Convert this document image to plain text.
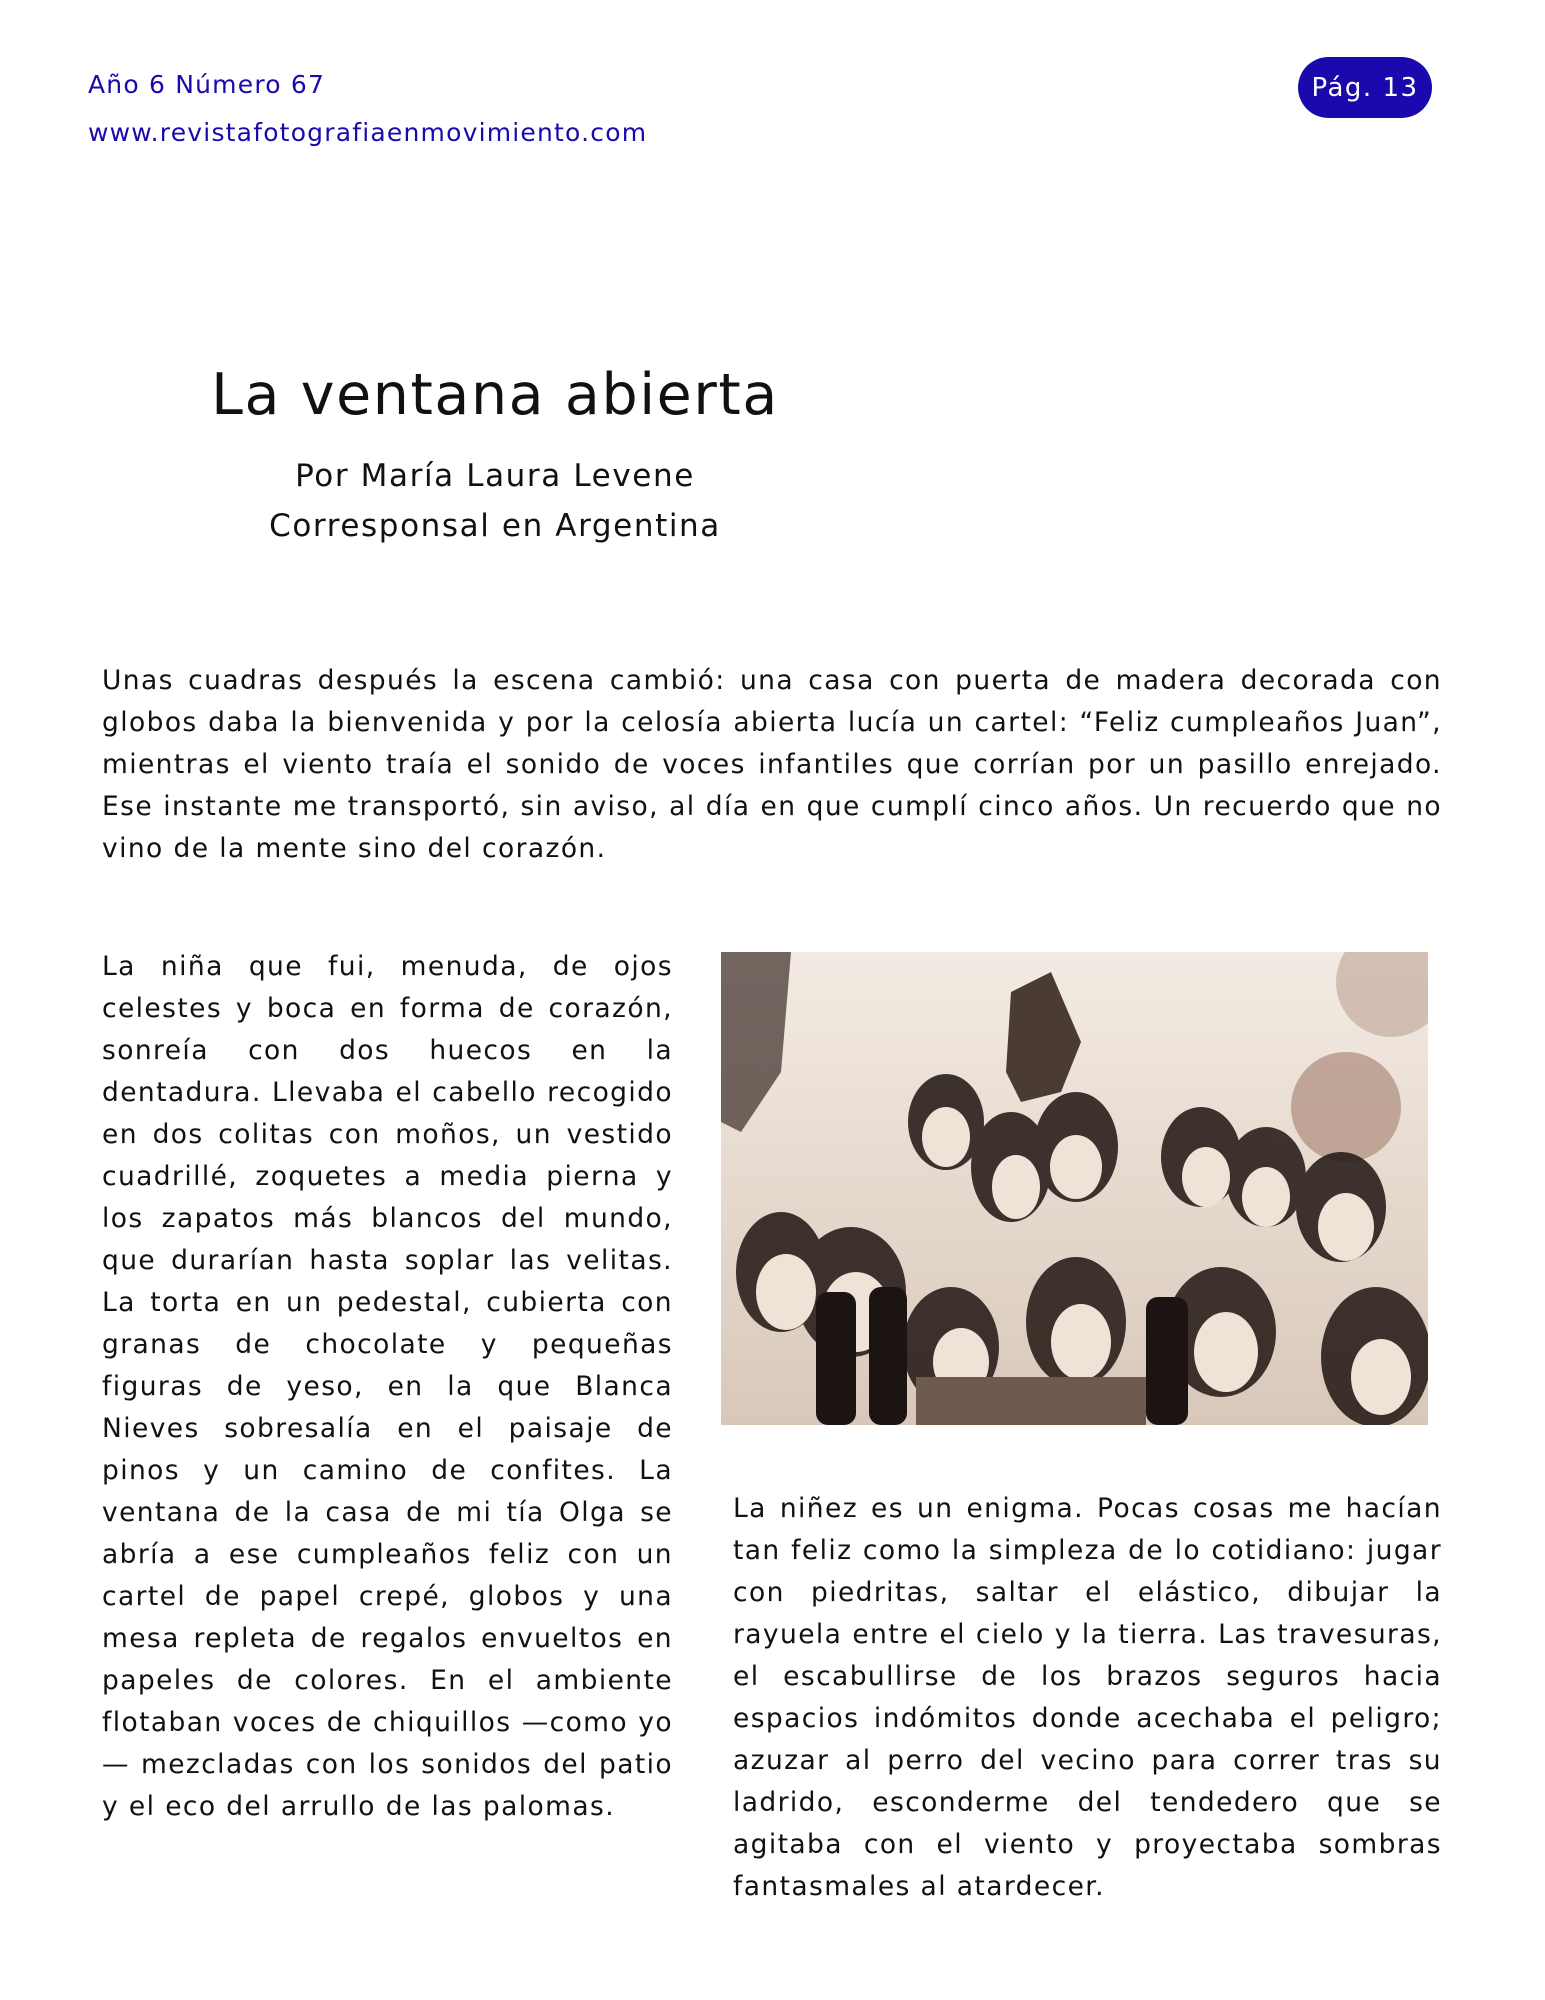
Año 6 Número 67
www.revistafotografiaenmovimiento.com
Pág. 13
La ventana abierta
Por María Laura Levene
Corresponsal en Argentina

Unas cuadras después la escena cambió: una casa con puerta de madera decorada con globos daba la bienvenida y por la celosía abierta lucía un cartel: “Feliz cumpleaños Juan”, mientras el viento traía el sonido de voces infantiles que corrían por un pasillo enrejado. Ese instante me transportó, sin aviso, al día en que cumplí cinco años. Un recuerdo que no vino de la mente sino del corazón.

La niña que fui, menuda, de ojos celestes y boca en forma de corazón, sonreía con dos huecos en la dentadura. Llevaba el cabello recogido en dos colitas con moños, un vestido cuadrillé, zoquetes a media pierna y los zapatos más blancos del mundo, que durarían hasta soplar las velitas. La torta en un pedestal, cubierta con granas de chocolate y pequeñas figuras de yeso, en la que Blanca Nieves sobresalía en el paisaje de pinos y un camino de confites. La ventana de la casa de mi tía Olga se abría a ese cumpleaños feliz con un cartel de papel crepé, globos y una mesa repleta de regalos envueltos en papeles de colores. En el ambiente flotaban voces de chiquillos —como yo— mezcladas con los sonidos del patio y el eco del arrullo de las palomas.

La niñez es un enigma. Pocas cosas me hacían tan feliz como la simpleza de lo cotidiano: jugar con piedritas, saltar el elástico, dibujar la rayuela entre el cielo y la tierra. Las travesuras, el escabullirse de los brazos seguros hacia espacios indómitos donde acechaba el peligro; azuzar al perro del vecino para correr tras su ladrido, esconderme del tendedero que se agitaba con el viento y proyectaba sombras fantasmales al atardecer.
